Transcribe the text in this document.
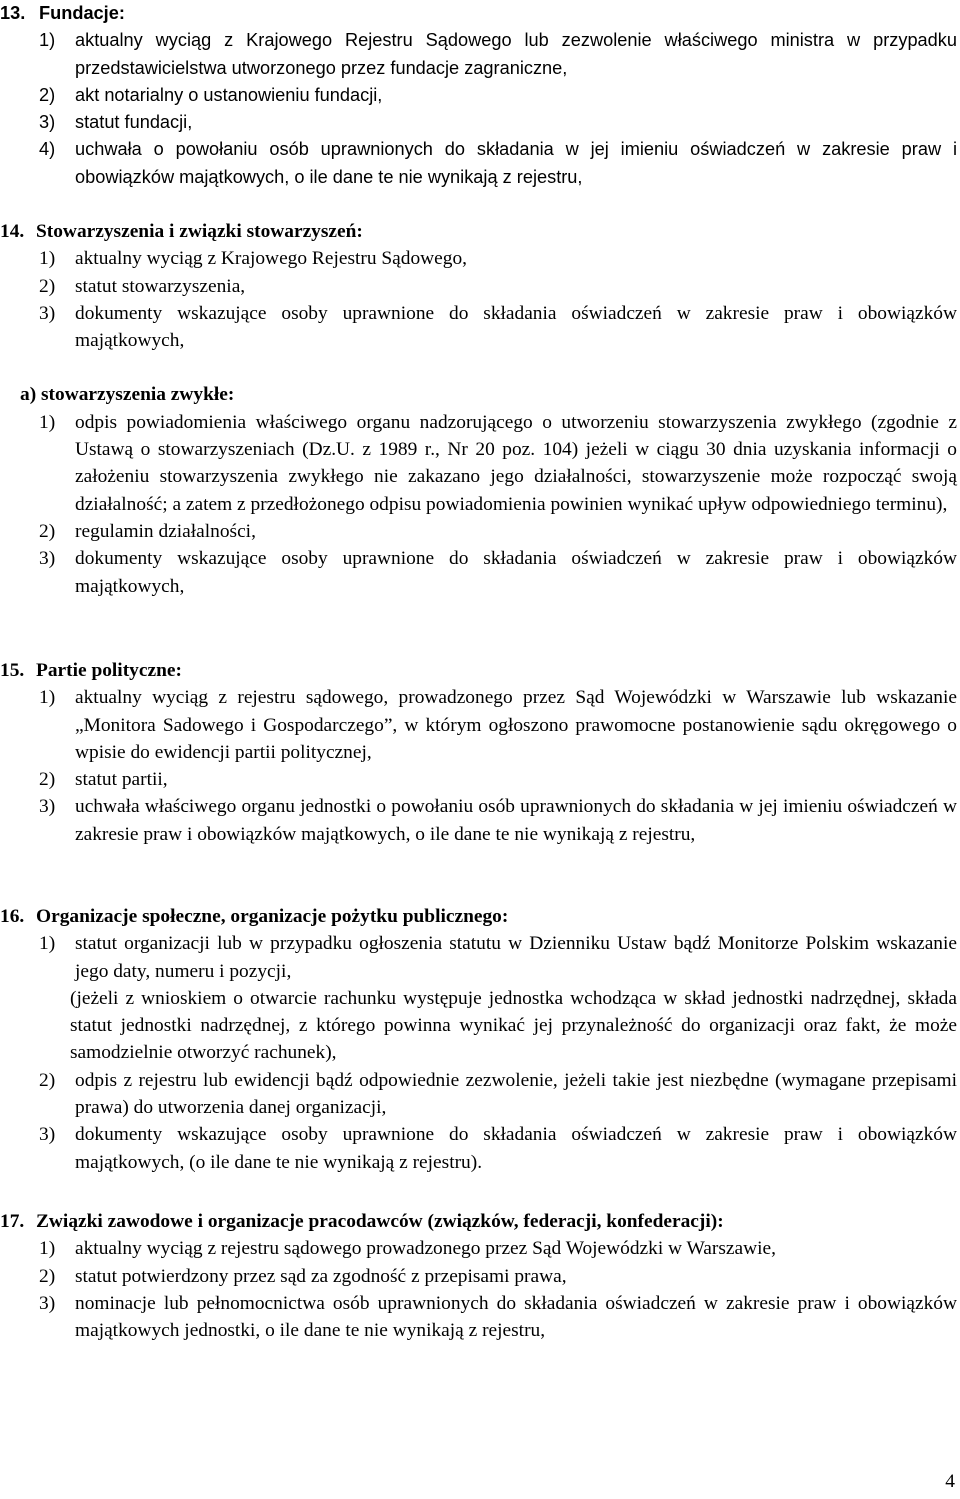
13. Fundacje:
1) aktualny wyciąg z Krajowego Rejestru Sądowego lub zezwolenie właściwego ministra w przypadku przedstawicielstwa utworzonego przez fundacje zagraniczne,
2) akt notarialny o ustanowieniu fundacji,
3) statut fundacji,
4) uchwała o powołaniu osób uprawnionych do składania w jej imieniu oświadczeń w zakresie praw i obowiązków majątkowych, o ile dane te nie wynikają z rejestru,
14. Stowarzyszenia i związki stowarzyszeń:
1) aktualny wyciąg z Krajowego Rejestru Sądowego,
2) statut stowarzyszenia,
3) dokumenty wskazujące osoby uprawnione do składania oświadczeń w zakresie praw i obowiązków majątkowych,
a) stowarzyszenia zwykłe:
1) odpis powiadomienia właściwego organu nadzorującego o utworzeniu stowarzyszenia zwykłego (zgodnie z Ustawą o stowarzyszeniach (Dz.U. z 1989 r., Nr 20 poz. 104) jeżeli w ciągu 30 dnia uzyskania informacji o założeniu stowarzyszenia zwykłego nie zakazano jego działalności, stowarzyszenie może rozpocząć swoją działalność; a zatem z przedłożonego odpisu powiadomienia powinien wynikać upływ odpowiedniego terminu),
2) regulamin działalności,
3) dokumenty wskazujące osoby uprawnione do składania oświadczeń w zakresie praw i obowiązków majątkowych,
15. Partie polityczne:
1) aktualny wyciąg z rejestru sądowego, prowadzonego przez Sąd Wojewódzki w Warszawie lub wskazanie „Monitora Sadowego i Gospodarczego”, w którym ogłoszono prawomocne postanowienie sądu okręgowego o wpisie do ewidencji partii politycznej,
2) statut partii,
3) uchwała właściwego organu jednostki o powołaniu osób uprawnionych do składania w jej imieniu oświadczeń w zakresie praw i obowiązków majątkowych, o ile dane te nie wynikają z rejestru,
16. Organizacje społeczne, organizacje pożytku publicznego:
1) statut organizacji lub w przypadku ogłoszenia statutu w Dzienniku Ustaw bądź Monitorze Polskim wskazanie jego daty, numeru i pozycji,
(jeżeli z wnioskiem o otwarcie rachunku występuje jednostka wchodząca w skład jednostki nadrzędnej, składa statut jednostki nadrzędnej, z którego powinna wynikać jej przynależność do organizacji oraz fakt, że może samodzielnie otworzyć rachunek),
2) odpis z rejestru lub ewidencji bądź odpowiednie zezwolenie, jeżeli takie jest niezbędne (wymagane przepisami prawa) do utworzenia danej organizacji,
3) dokumenty wskazujące osoby uprawnione do składania oświadczeń w zakresie praw i obowiązków majątkowych, (o ile dane te nie wynikają z rejestru).
17. Związki zawodowe i organizacje pracodawców (związków, federacji, konfederacji):
1) aktualny wyciąg z rejestru sądowego prowadzonego przez Sąd Wojewódzki w Warszawie,
2) statut potwierdzony przez sąd za zgodność z przepisami prawa,
3) nominacje lub pełnomocnictwa osób uprawnionych do składania oświadczeń w zakresie praw i obowiązków majątkowych jednostki, o ile dane te nie wynikają z rejestru,
4
